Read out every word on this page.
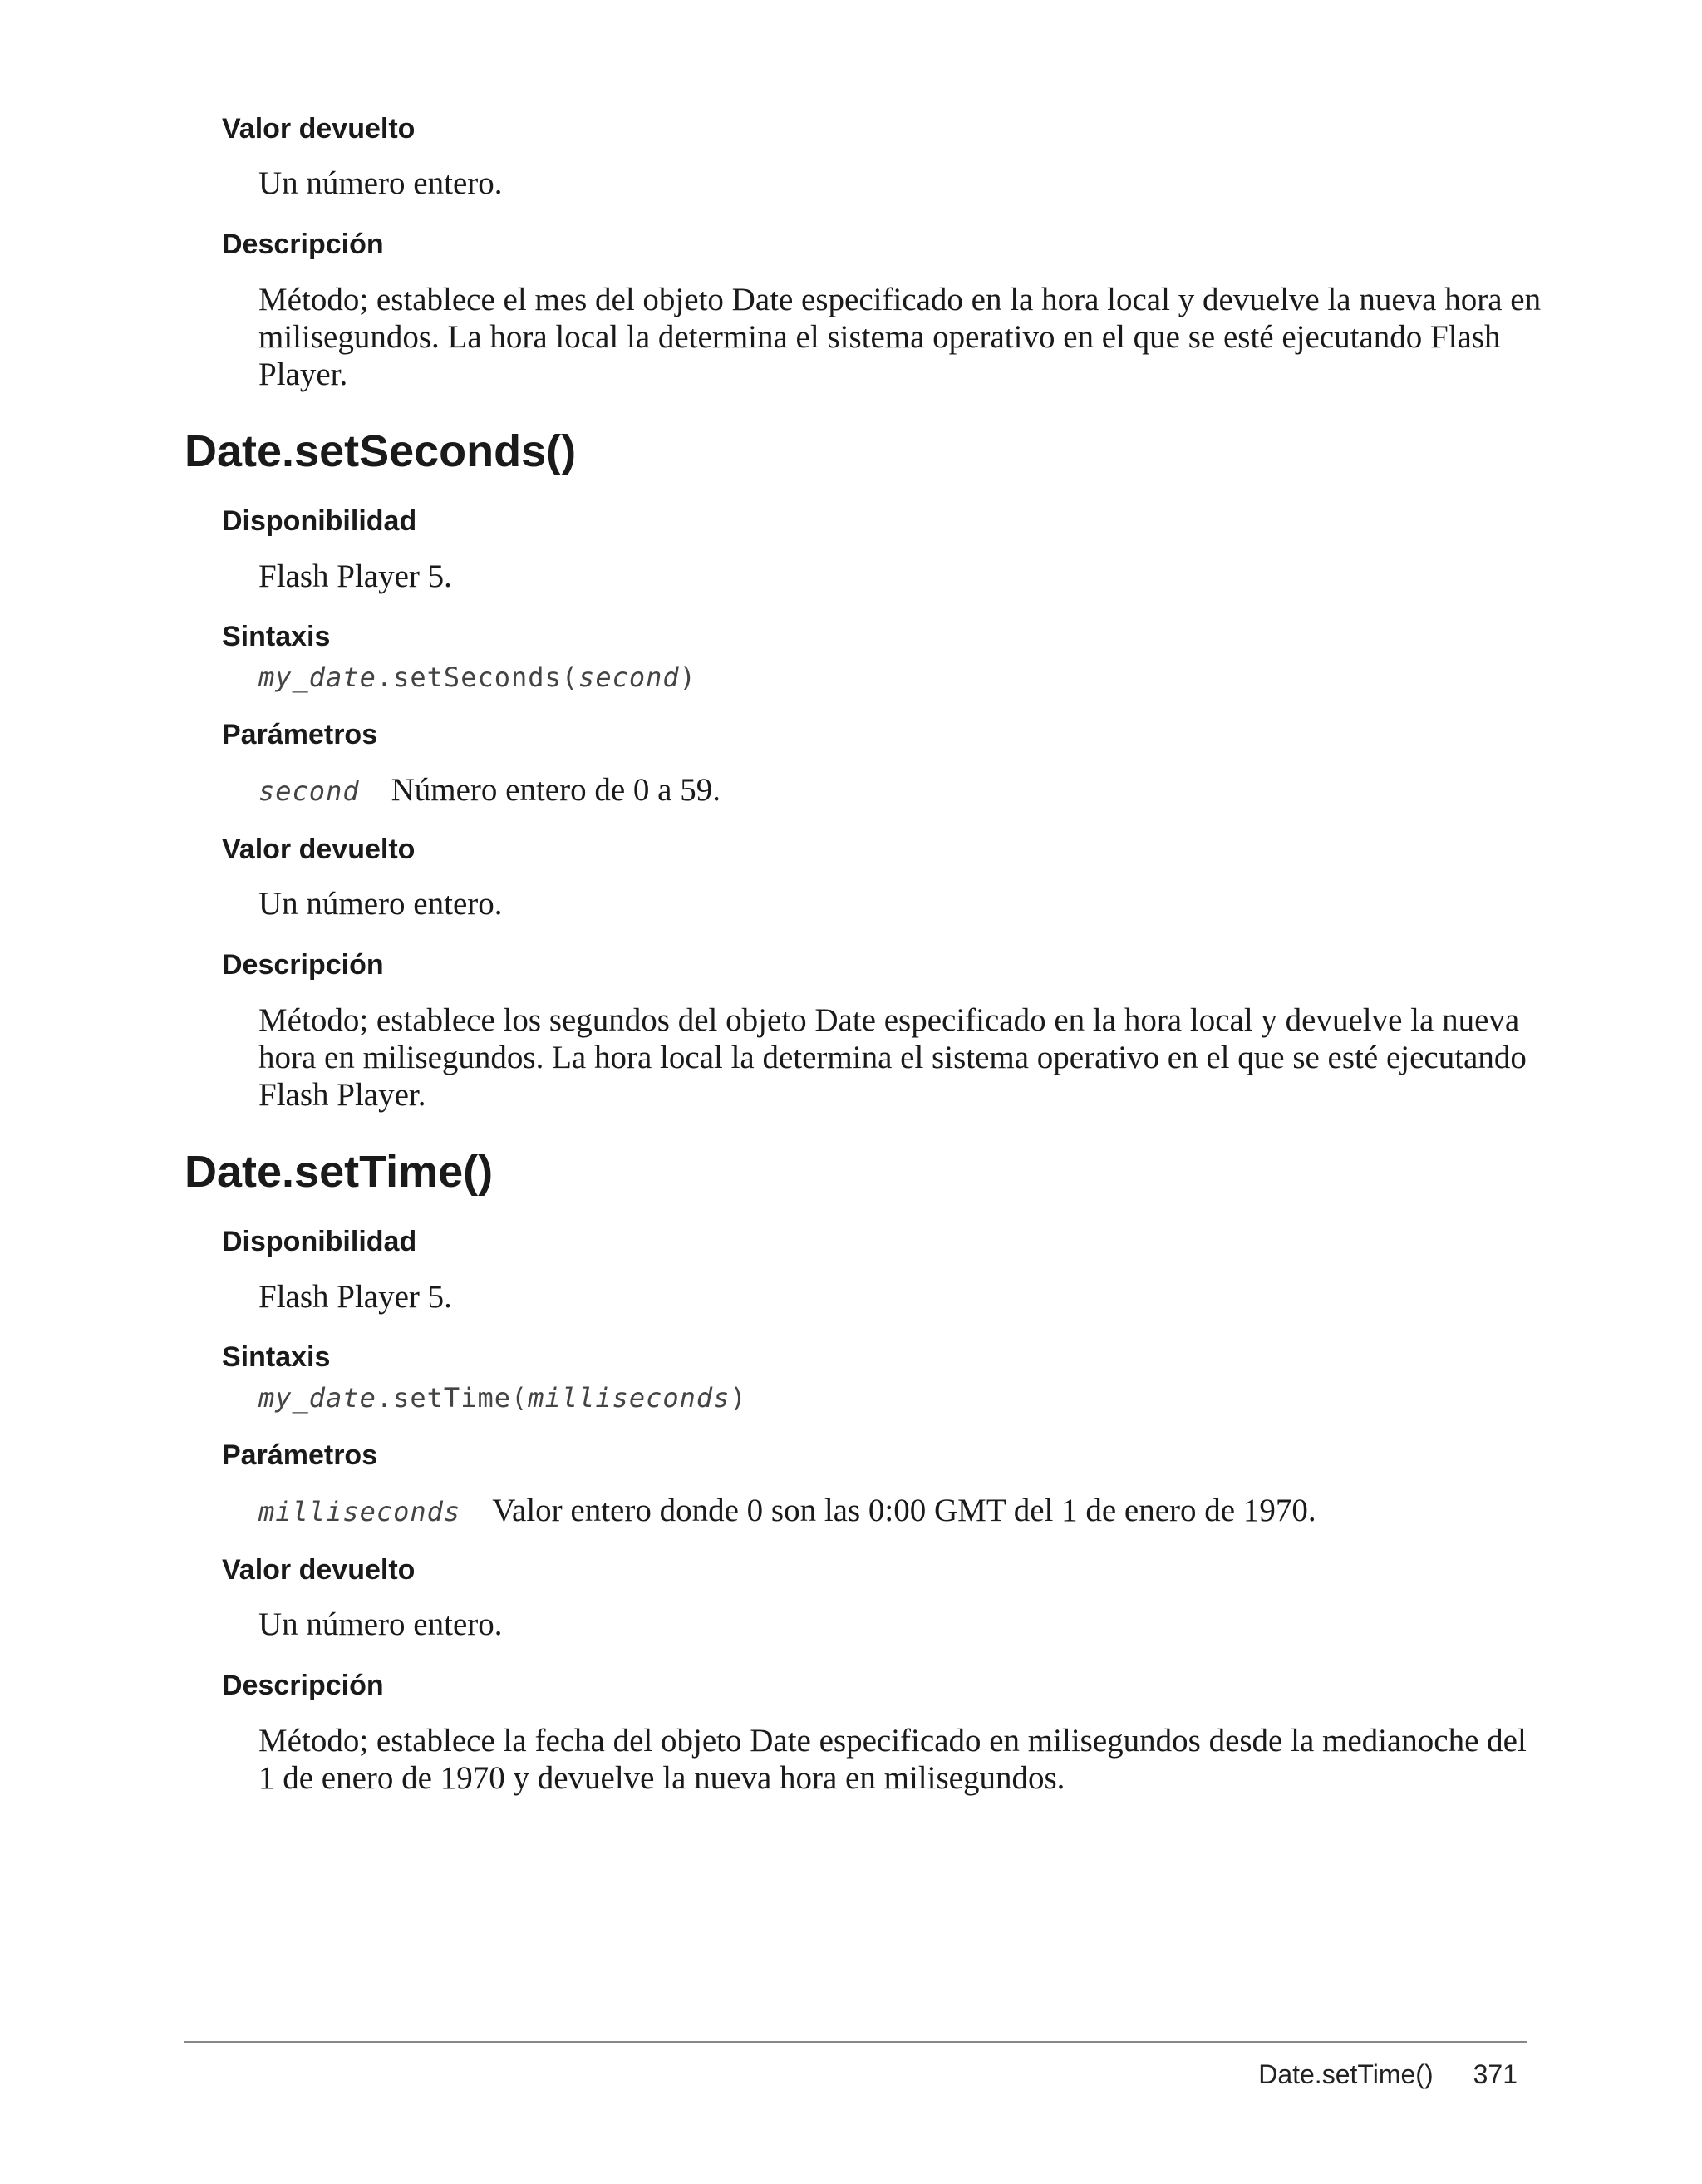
Valor devuelto
Un número entero.
Descripción
Método; establece el mes del objeto Date especificado en la hora local y devuelve la nueva hora en
milisegundos. La hora local la determina el sistema operativo en el que se esté ejecutando Flash
Player.
Date.setSeconds()
Disponibilidad
Flash Player 5.
Sintaxis
my_date.setSeconds(second)
Parámetros
second Número entero de 0 a 59.
Valor devuelto
Un número entero.
Descripción
Método; establece los segundos del objeto Date especificado en la hora local y devuelve la nueva
hora en milisegundos. La hora local la determina el sistema operativo en el que se esté ejecutando
Flash Player.
Date.setTime()
Disponibilidad
Flash Player 5.
Sintaxis
my_date.setTime(milliseconds)
Parámetros
milliseconds Valor entero donde 0 son las 0:00 GMT del 1 de enero de 1970.
Valor devuelto
Un número entero.
Descripción
Método; establece la fecha del objeto Date especificado en milisegundos desde la medianoche del
1 de enero de 1970 y devuelve la nueva hora en milisegundos.
Date.setTime() 371
